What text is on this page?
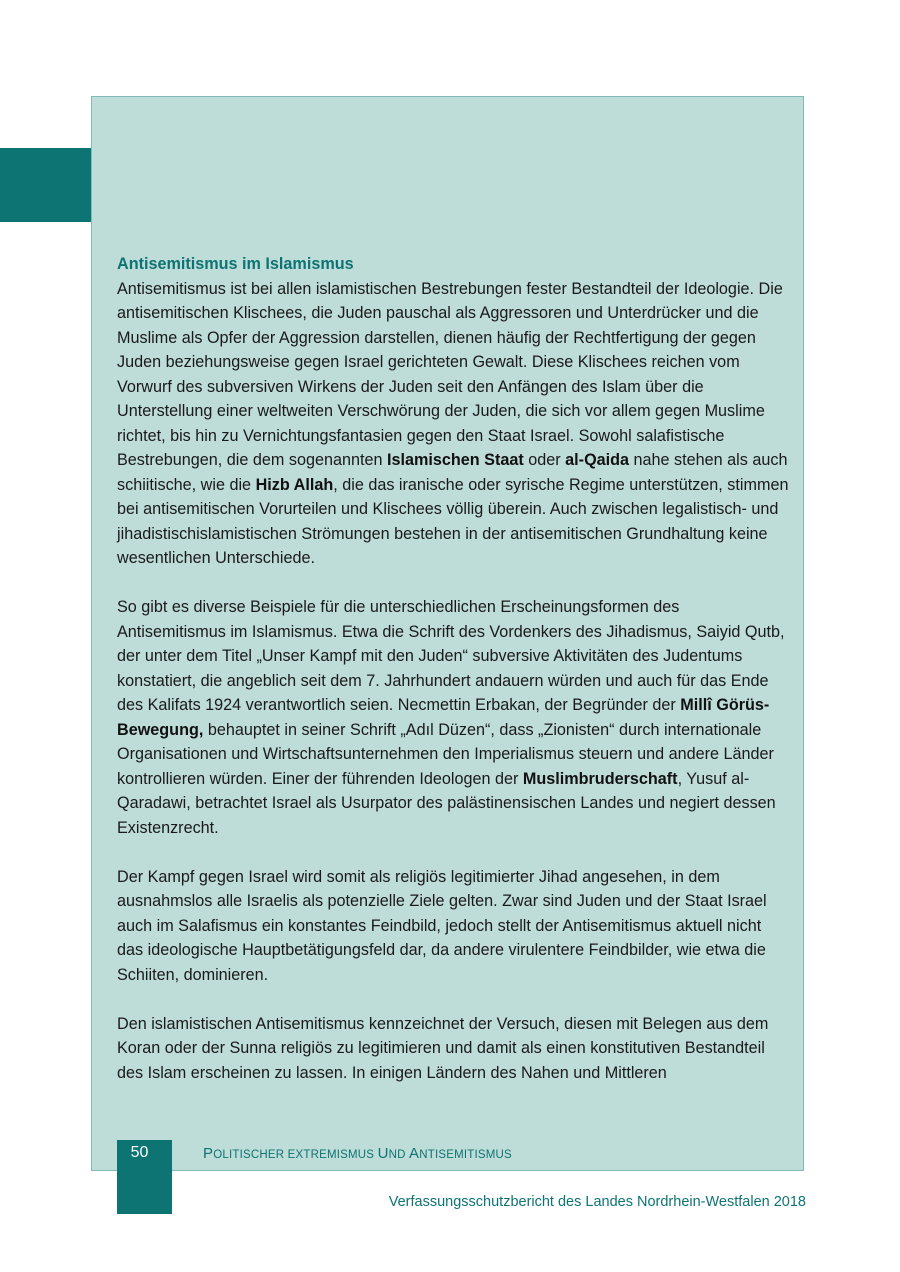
Antisemitismus im Islamismus

Antisemitismus ist bei allen islamistischen Bestrebungen fester Bestandteil der Ideologie. Die antisemitischen Klischees, die Juden pauschal als Aggressoren und Unterdrücker und die Muslime als Opfer der Aggression darstellen, dienen häufig der Rechtfertigung der gegen Juden beziehungsweise gegen Israel gerichteten Gewalt. Diese Klischees reichen vom Vorwurf des subversiven Wirkens der Juden seit den Anfängen des Islam über die Unterstellung einer weltweiten Verschwörung der Juden, die sich vor allem gegen Muslime richtet, bis hin zu Vernichtungsfantasien gegen den Staat Israel. Sowohl salafistische Bestrebungen, die dem sogenannten Islamischen Staat oder al-Qaida nahe stehen als auch schiitische, wie die Hizb Allah, die das iranische oder syrische Regime unterstützen, stimmen bei antisemitischen Vorurteilen und Klischees völlig überein. Auch zwischen legalistisch- und jihadistischislamistischen Strömungen bestehen in der antisemitischen Grundhaltung keine wesentlichen Unterschiede.

So gibt es diverse Beispiele für die unterschiedlichen Erscheinungsformen des Antisemitismus im Islamismus. Etwa die Schrift des Vordenkers des Jihadismus, Saiyid Qutb, der unter dem Titel „Unser Kampf mit den Juden“ subversive Aktivitäten des Judentums konstatiert, die angeblich seit dem 7. Jahrhundert andauern würden und auch für das Ende des Kalifats 1924 verantwortlich seien. Necmettin Erbakan, der Begründer der Millî Görüs-Bewegung, behauptet in seiner Schrift „Adıl Düzen“, dass „Zionisten“ durch internationale Organisationen und Wirtschaftsunternehmen den Imperialismus steuern und andere Länder kontrollieren würden. Einer der führenden Ideologen der Muslimbruderschaft, Yusuf al-Qaradawi, betrachtet Israel als Usurpator des palästinensischen Landes und negiert dessen Existenzrecht.

Der Kampf gegen Israel wird somit als religiös legitimierter Jihad angesehen, in dem ausnahmslos alle Israelis als potenzielle Ziele gelten. Zwar sind Juden und der Staat Israel auch im Salafismus ein konstantes Feindbild, jedoch stellt der Antisemitismus aktuell nicht das ideologische Hauptbetätigungsfeld dar, da andere virulentere Feindbilder, wie etwa die Schiiten, dominieren.

Den islamistischen Antisemitismus kennzeichnet der Versuch, diesen mit Belegen aus dem Koran oder der Sunna religiös zu legitimieren und damit als einen konstitutiven Bestandteil des Islam erscheinen zu lassen. In einigen Ländern des Nahen und Mittleren

50	POLITISCHER EXTREMISMUS UND ANTISEMITISMUS
Verfassungsschutzbericht des Landes Nordrhein-Westfalen 2018
